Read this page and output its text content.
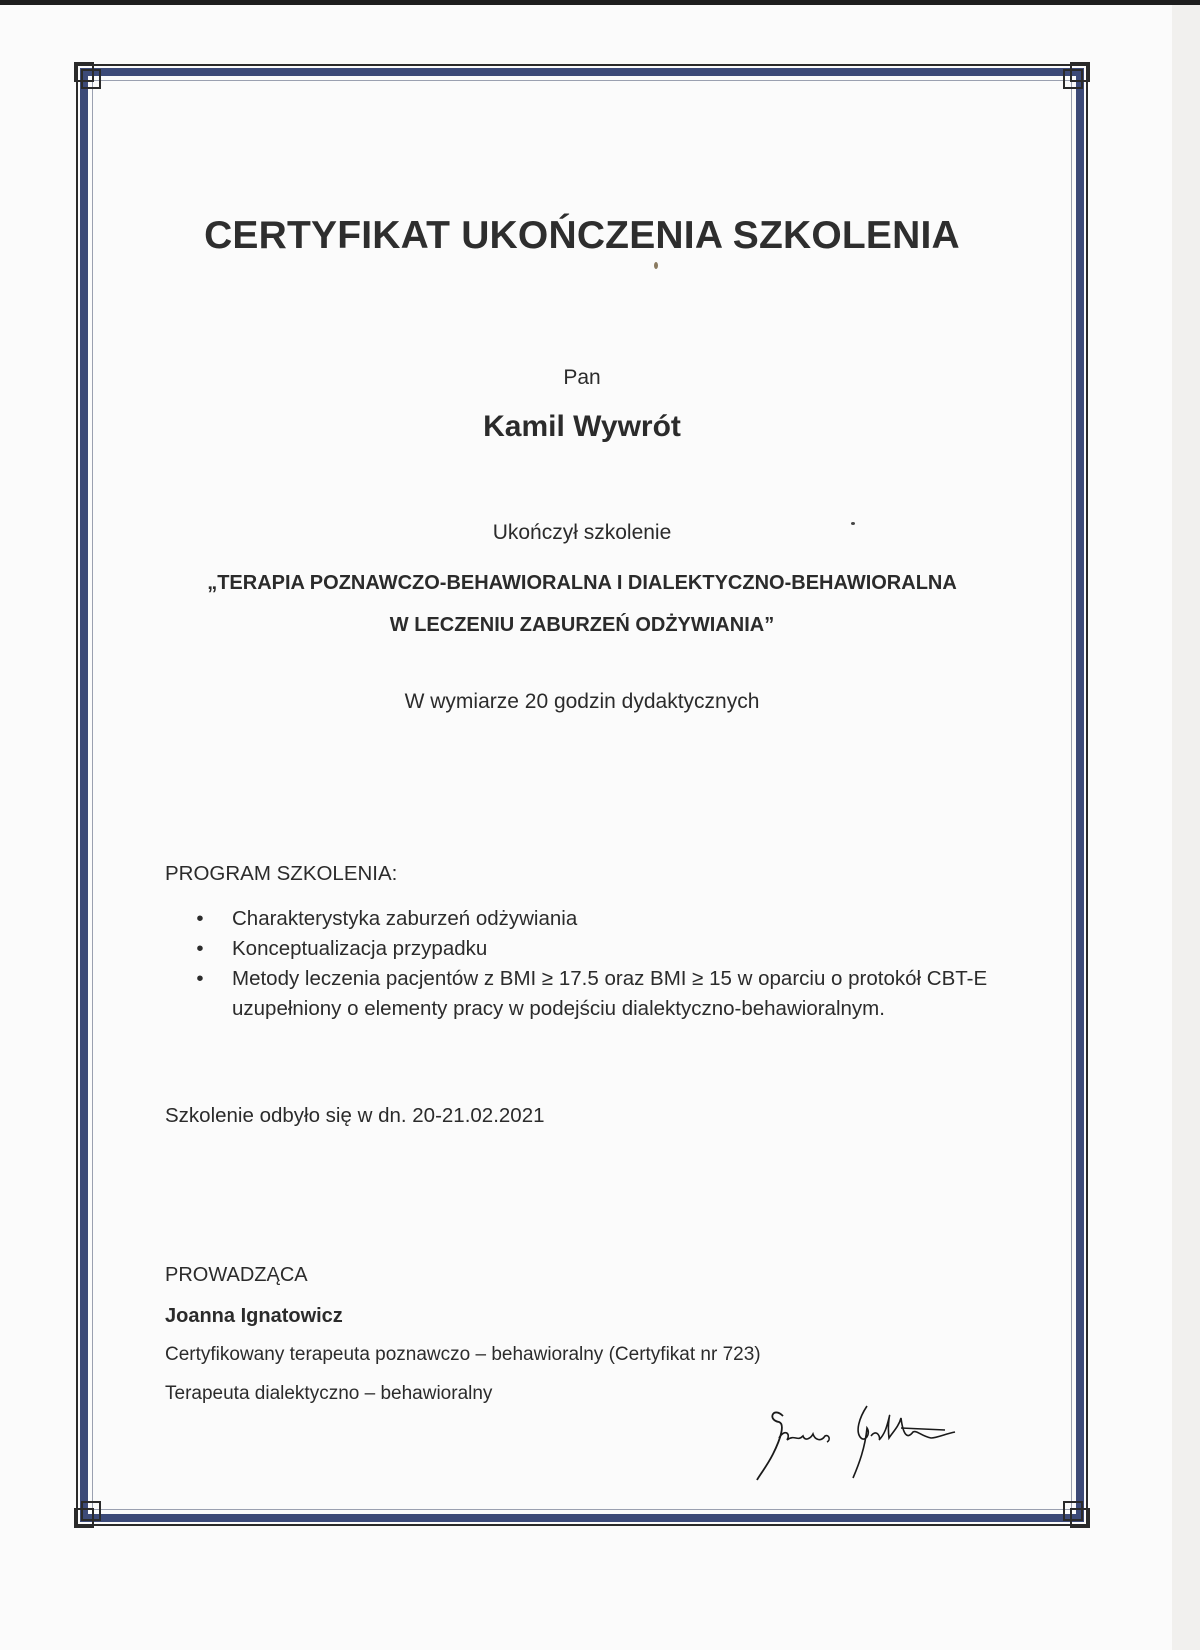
CERTYFIKAT UKOŃCZENIA SZKOLENIA
Pan
Kamil Wywrót
Ukończył szkolenie
„TERAPIA POZNAWCZO-BEHAWIORALNA I DIALEKTYCZNO-BEHAWIORALNA
W LECZENIU ZABURZEŃ ODŻYWIANIA”
W wymiarze 20 godzin dydaktycznych
PROGRAM SZKOLENIA:
•	Charakterystyka zaburzeń odżywiania
•	Konceptualizacja przypadku
•	Metody leczenia pacjentów z BMI ≥ 17.5 oraz BMI ≥ 15 w oparciu o protokół CBT-E uzupełniony o elementy pracy w podejściu dialektyczno-behawioralnym.
Szkolenie odbyło się w dn. 20-21.02.2021
PROWADZĄCA
Joanna Ignatowicz
Certyfikowany terapeuta poznawczo – behawioralny (Certyfikat nr 723)
Terapeuta dialektyczno – behawioralny
